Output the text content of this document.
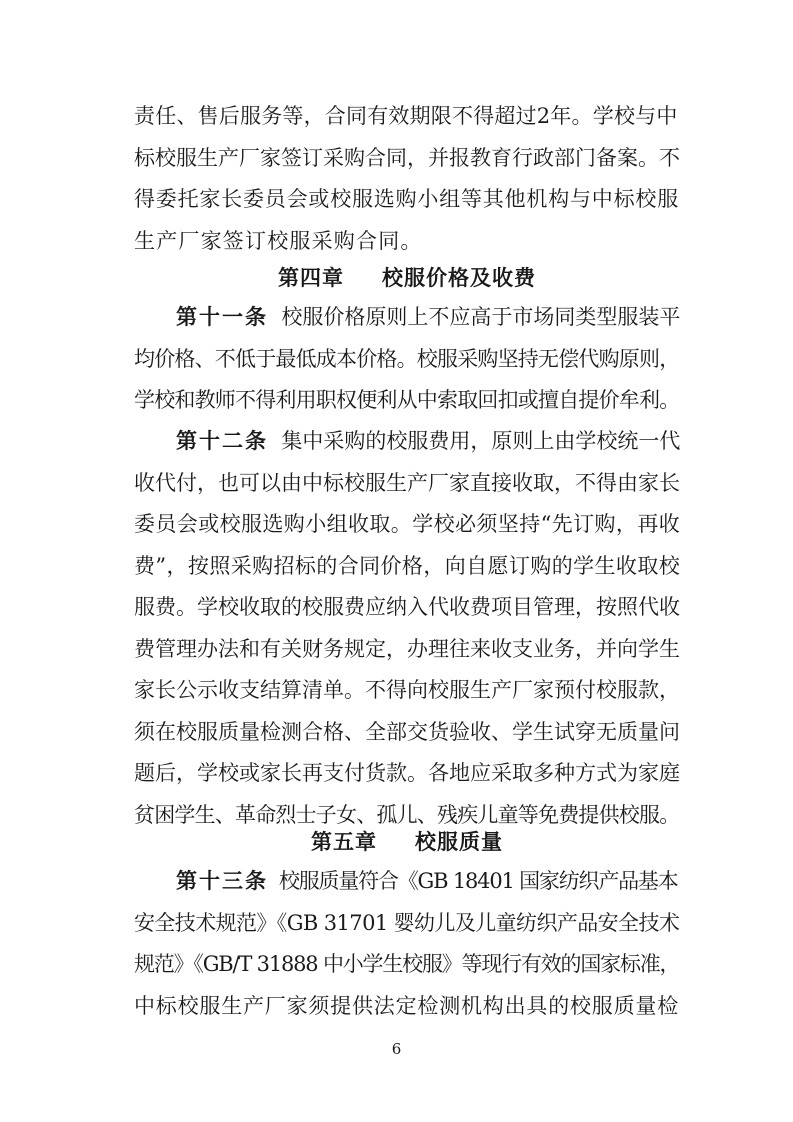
责任、售后服务等，合同有效期限不得超过2年。学校与中
标校服生产厂家签订采购合同，并报教育行政部门备案。不
得委托家长委员会或校服选购小组等其他机构与中标校服
生产厂家签订校服采购合同。
第四章 校服价格及收费
第十一条 校服价格原则上不应高于市场同类型服装平
均价格、不低于最低成本价格。校服采购坚持无偿代购原则，
学校和教师不得利用职权便利从中索取回扣或擅自提价牟利。
第十二条 集中采购的校服费用，原则上由学校统一代
收代付，也可以由中标校服生产厂家直接收取，不得由家长
委员会或校服选购小组收取。学校必须坚持“先订购，再收
费”，按照采购招标的合同价格，向自愿订购的学生收取校
服费。学校收取的校服费应纳入代收费项目管理，按照代收
费管理办法和有关财务规定，办理往来收支业务，并向学生
家长公示收支结算清单。不得向校服生产厂家预付校服款，
须在校服质量检测合格、全部交货验收、学生试穿无质量问
题后，学校或家长再支付货款。各地应采取多种方式为家庭
贫困学生、革命烈士子女、孤儿、残疾儿童等免费提供校服。
第五章 校服质量
第十三条 校服质量符合《GB 18401 国家纺织产品基本
安全技术规范》《GB 31701 婴幼儿及儿童纺织产品安全技术
规范》《GB/T 31888 中小学生校服》等现行有效的国家标准，
中标校服生产厂家须提供法定检测机构出具的校服质量检
6
